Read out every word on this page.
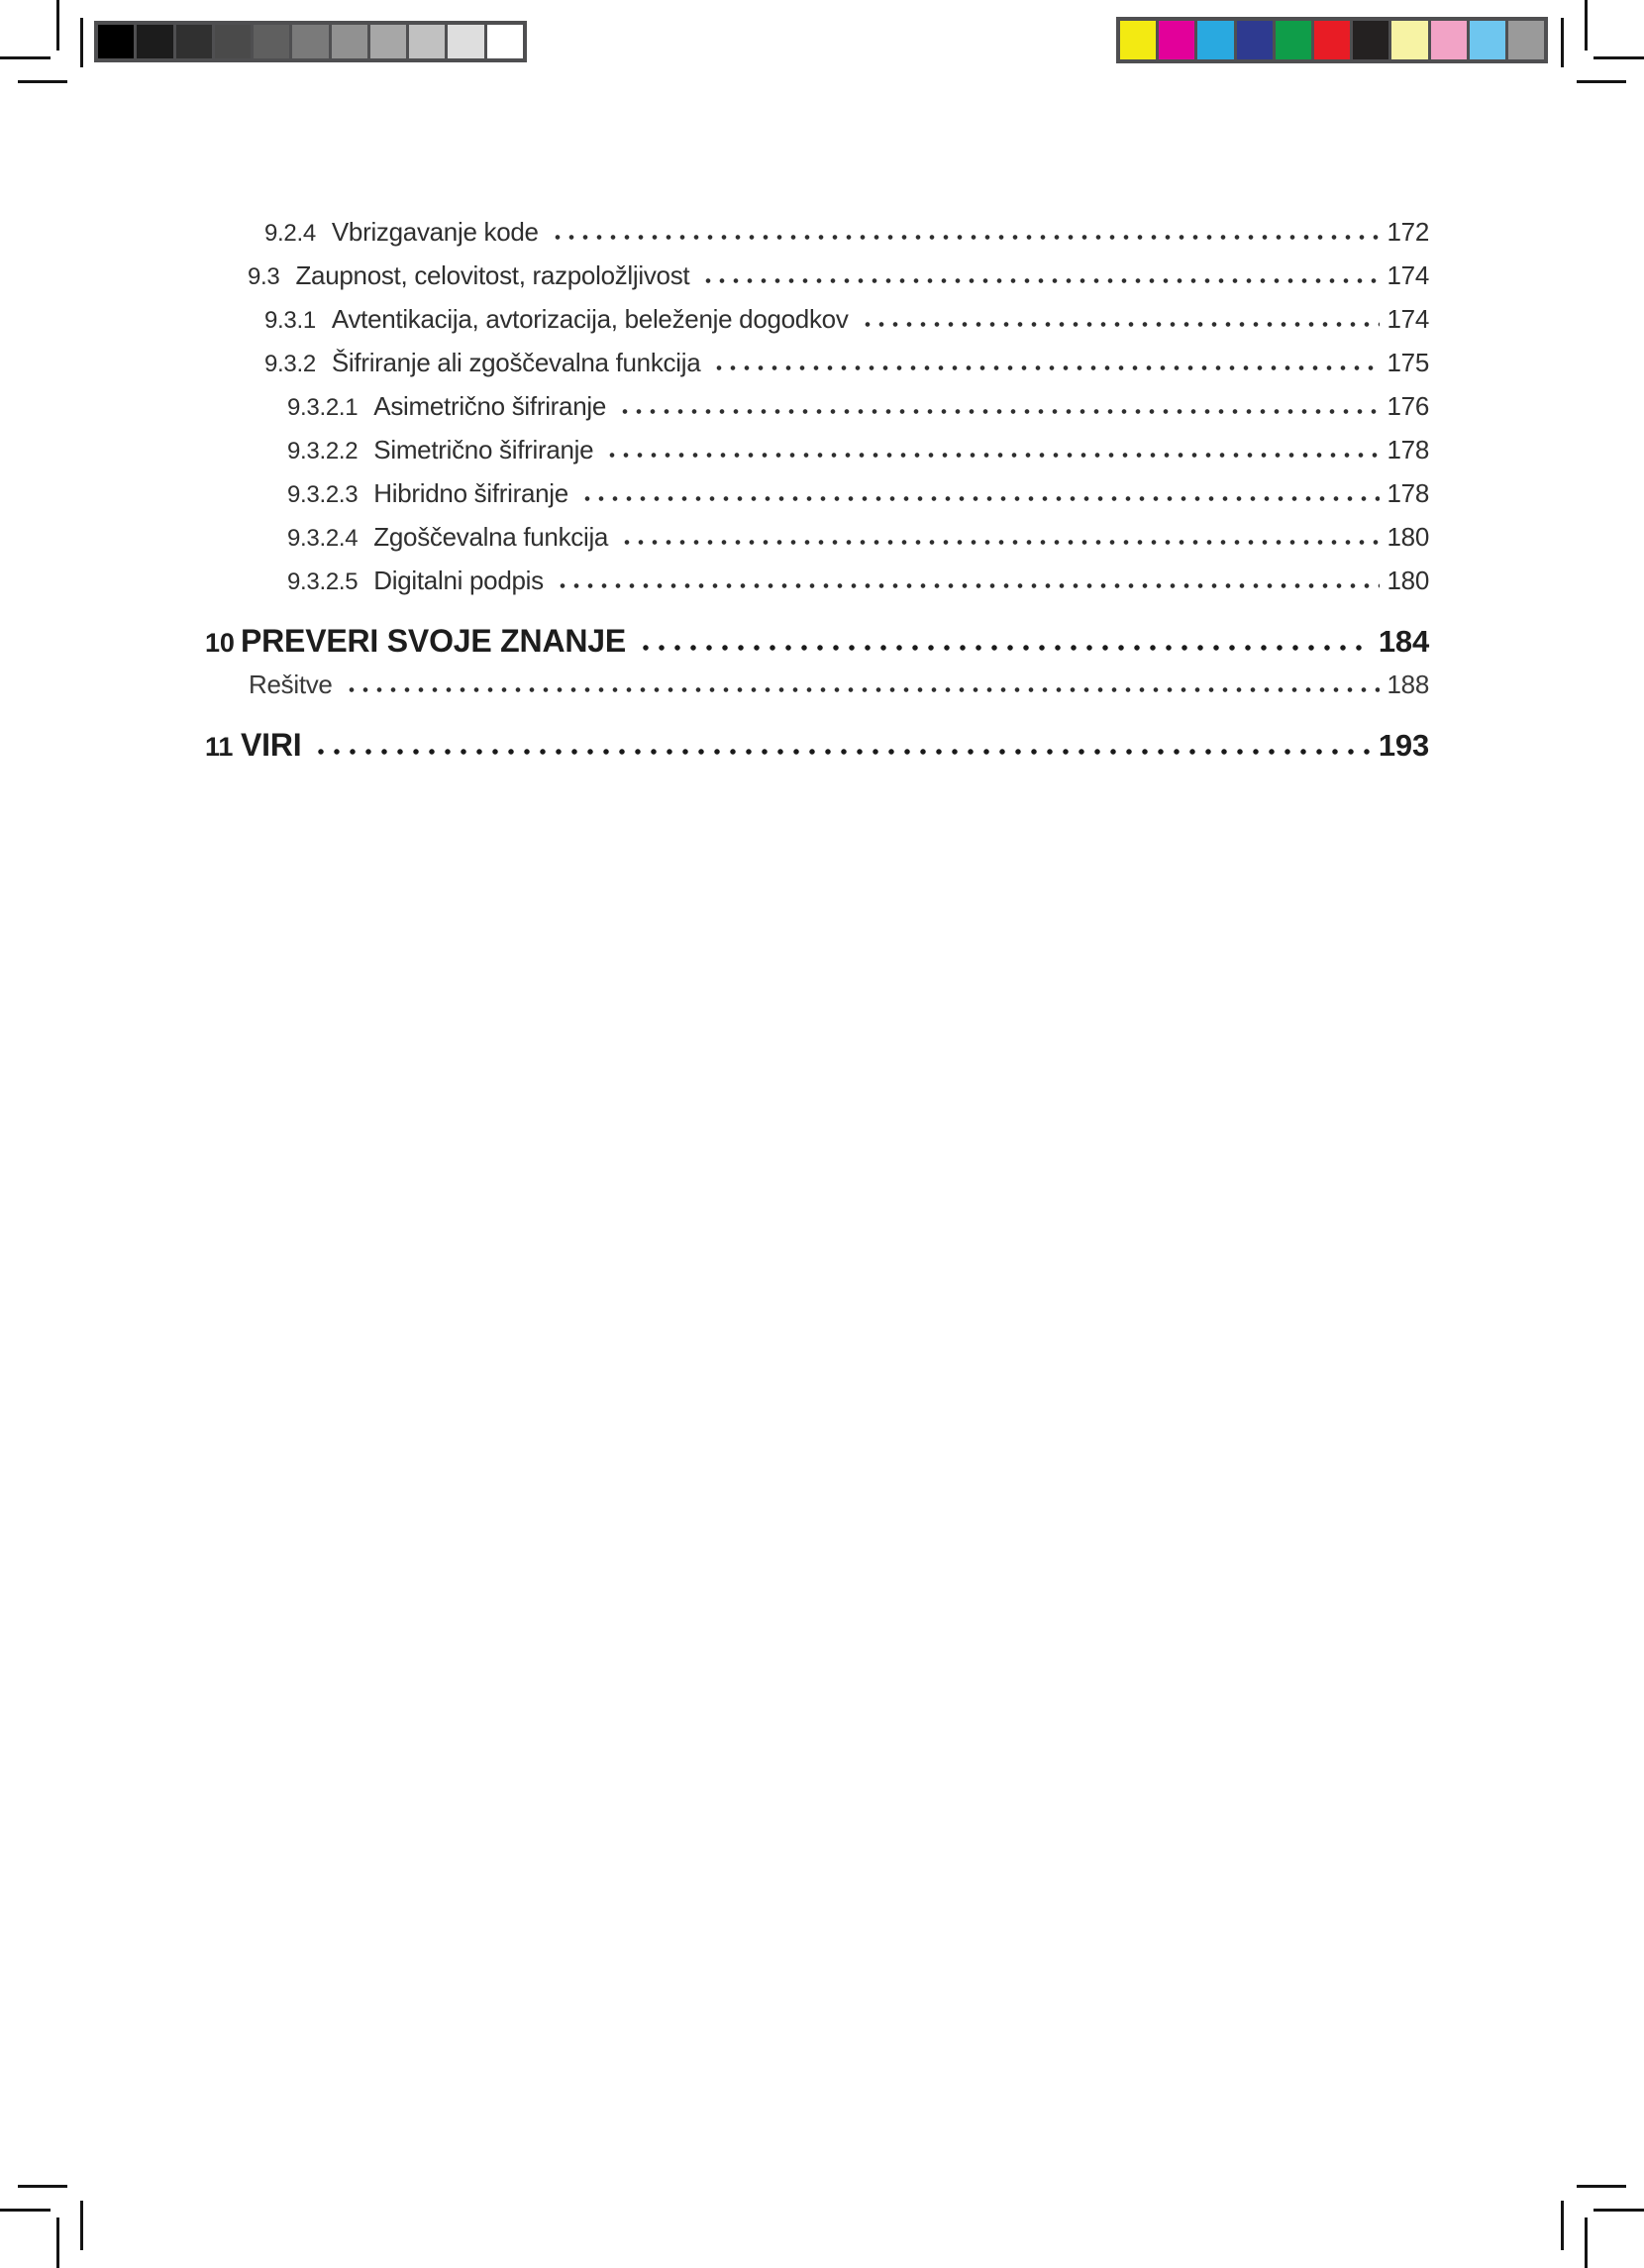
9.2.4 Vbrizgavanje kode	172
9.3 Zaupnost, celovitost, razpoložljivost	174
9.3.1 Avtentikacija, avtorizacija, beleženje dogodkov	174
9.3.2 Šifriranje ali zgoščevalna funkcija	175
9.3.2.1 Asimetrično šifriranje	176
9.3.2.2 Simetrično šifriranje	178
9.3.2.3 Hibridno šifriranje	178
9.3.2.4 Zgoščevalna funkcija	180
9.3.2.5 Digitalni podpis	180
10 PREVERI SVOJE ZNANJE	184
Rešitve	188
11 VIRI	193
